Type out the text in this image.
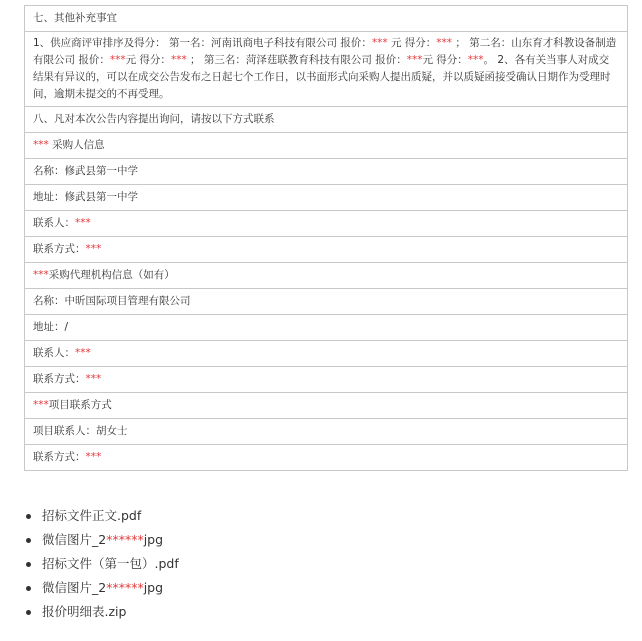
七、其他补充事宜
1、供应商评审排序及得分： 第一名：河南讯商电子科技有限公司 报价：*** 元 得分：*** ； 第二名：山东育才科教设备制造有限公司 报价：***元 得分：*** ； 第三名：菏泽莛联教育科技有限公司 报价：***元 得分：***。 2、各有关当事人对成交结果有异议的，可以在成交公告发布之日起七个工作日，以书面形式向采购人提出质疑，并以质疑函接受确认日期作为受理时间，逾期未提交的不再受理。
八、凡对本次公告内容提出询问，请按以下方式联系
*** 采购人信息
名称：修武县第一中学
地址：修武县第一中学
联系人：***
联系方式：***
***采购代理机构信息（如有）
名称：中昕国际项目管理有限公司
地址：/
联系人：***
联系方式：***
***项目联系方式
项目联系人：胡女士
联系方式：***
招标文件正文.pdf
微信图片_2******jpg
招标文件（第一包）.pdf
微信图片_2******jpg
报价明细表.zip
